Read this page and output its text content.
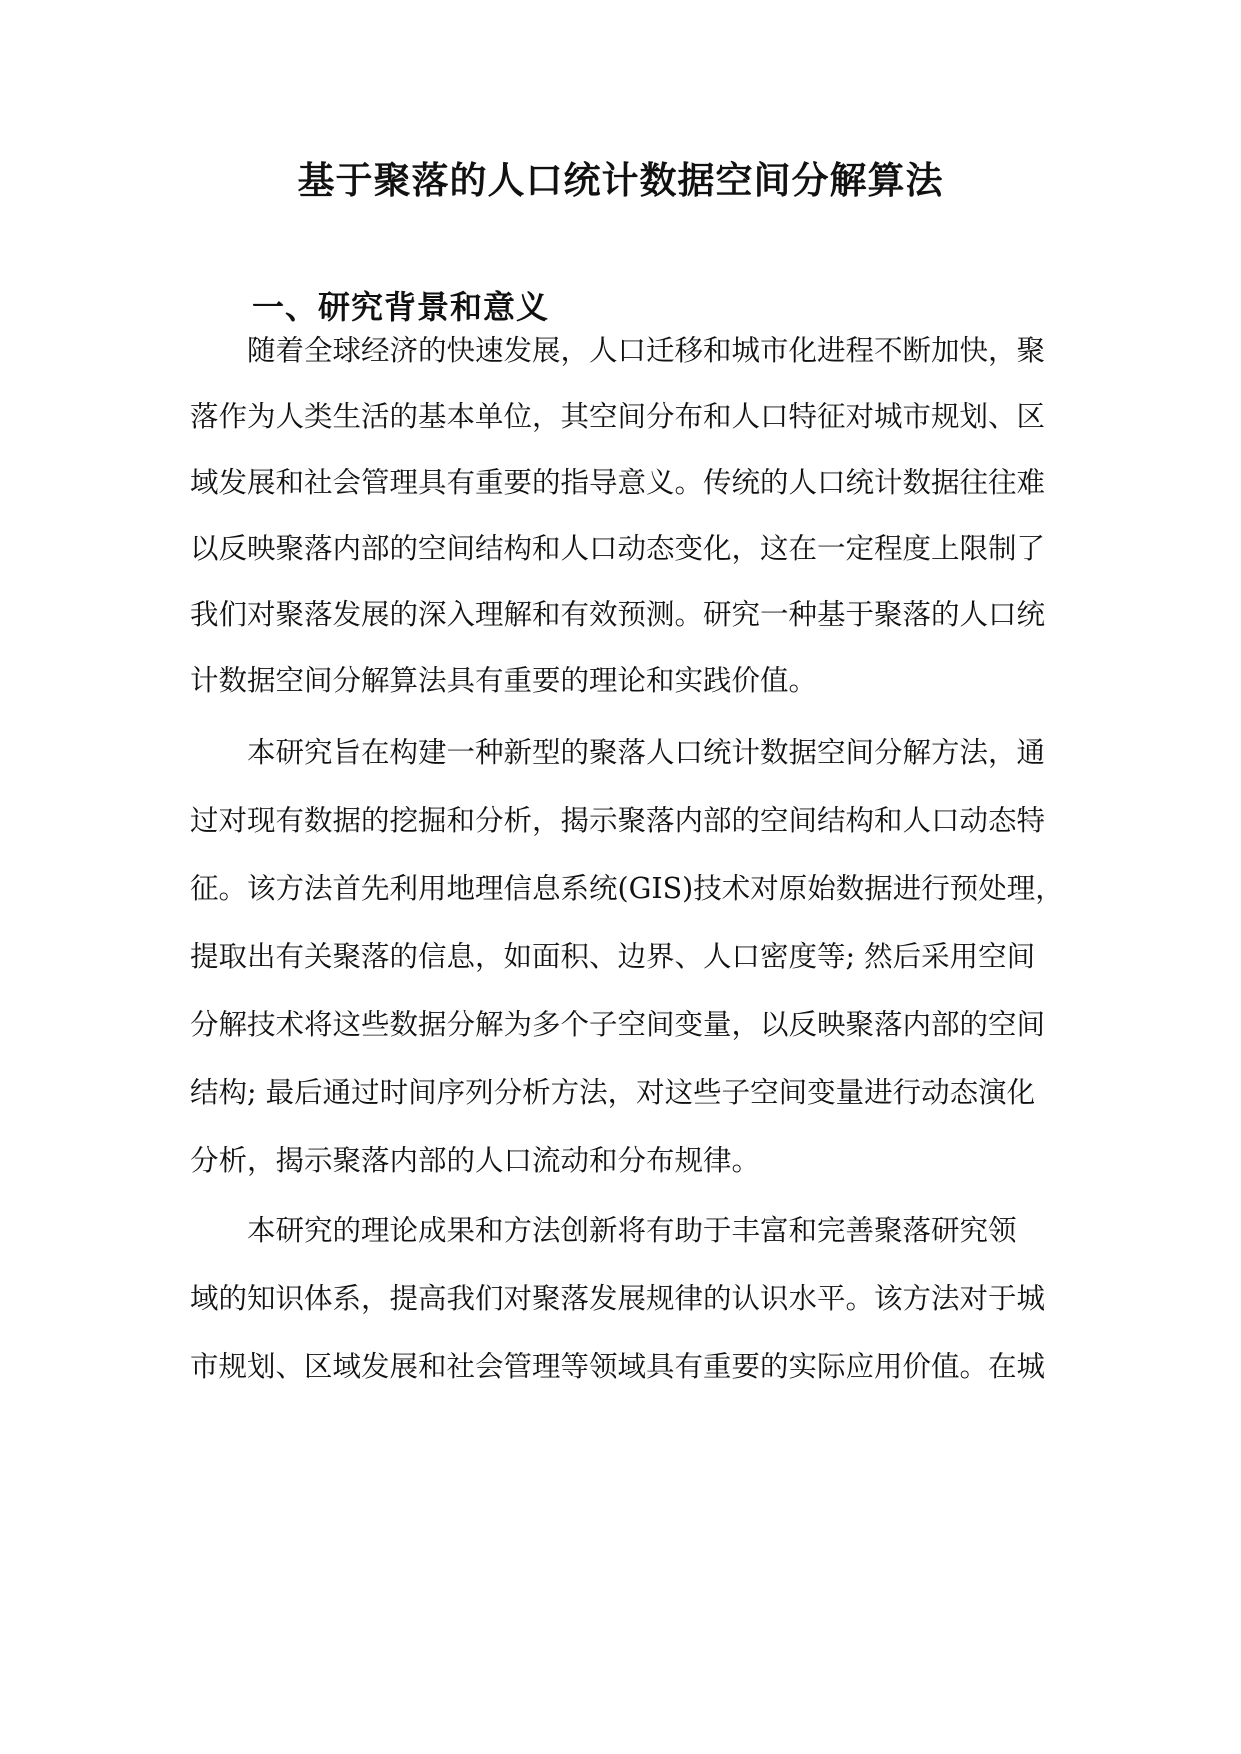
基于聚落的人口统计数据空间分解算法
一、研究背景和意义

随着全球经济的快速发展，人口迁移和城市化进程不断加快，聚

落作为人类生活的基本单位，其空间分布和人口特征对城市规划、区

域发展和社会管理具有重要的指导意义。传统的人口统计数据往往难

以反映聚落内部的空间结构和人口动态变化，这在一定程度上限制了

我们对聚落发展的深入理解和有效预测。研究一种基于聚落的人口统

计数据空间分解算法具有重要的理论和实践价值。

本研究旨在构建一种新型的聚落人口统计数据空间分解方法，通

过对现有数据的挖掘和分析，揭示聚落内部的空间结构和人口动态特

征。该方法首先利用地理信息系统(GIS)技术对原始数据进行预处理，

提取出有关聚落的信息，如面积、边界、人口密度等; 然后采用空间

分解技术将这些数据分解为多个子空间变量，以反映聚落内部的空间

结构; 最后通过时间序列分析方法，对这些子空间变量进行动态演化

分析，揭示聚落内部的人口流动和分布规律。

本研究的理论成果和方法创新将有助于丰富和完善聚落研究领

域的知识体系，提高我们对聚落发展规律的认识水平。该方法对于城

市规划、区域发展和社会管理等领域具有重要的实际应用价值。在城
